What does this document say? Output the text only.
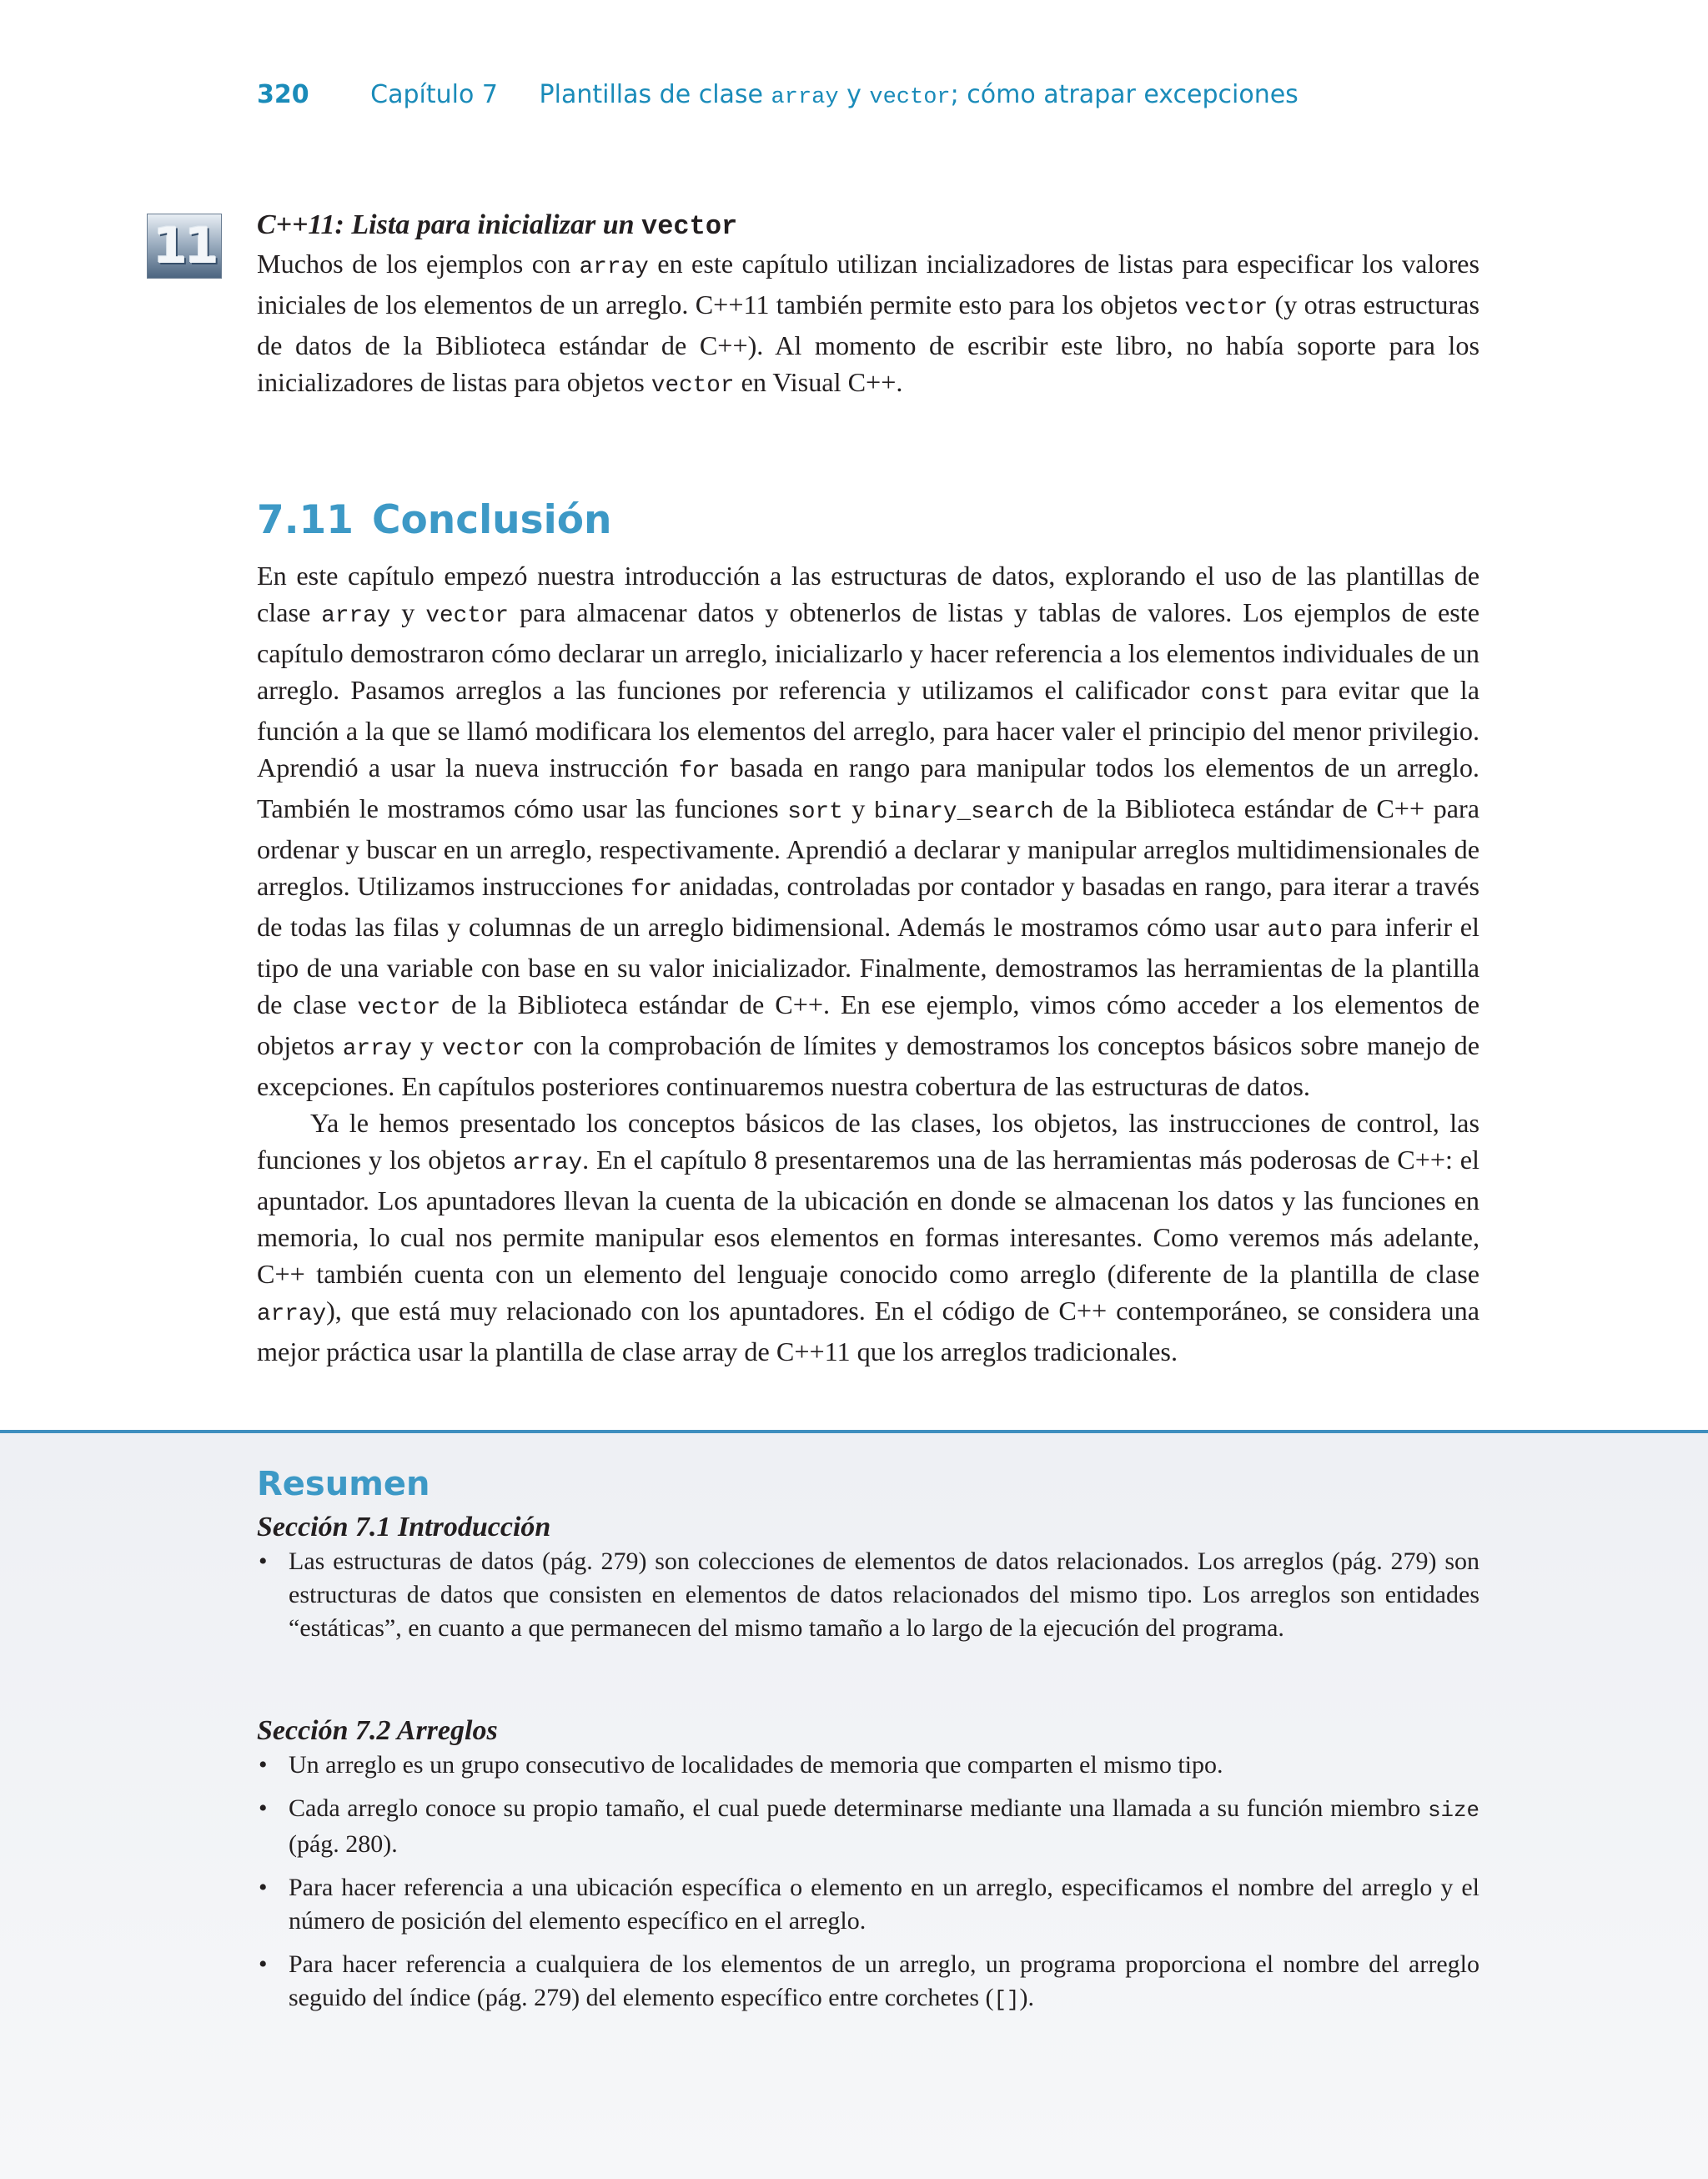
320 Capítulo 7 Plantillas de clase array y vector; cómo atrapar excepciones
11 C++11: Lista para inicializar un vector

Muchos de los ejemplos con array en este capítulo utilizan incializadores de listas para especificar los valores iniciales de los elementos de un arreglo. C++11 también permite esto para los objetos vector (y otras estructuras de datos de la Biblioteca estándar de C++). Al momento de escribir este libro, no había soporte para los inicializadores de listas para objetos vector en Visual C++.

7.11 Conclusión

En este capítulo empezó nuestra introducción a las estructuras de datos, explorando el uso de las plantillas de clase array y vector para almacenar datos y obtenerlos de listas y tablas de valores. Los ejemplos de este capítulo demostraron cómo declarar un arreglo, inicializarlo y hacer referencia a los elementos individuales de un arreglo. Pasamos arreglos a las funciones por referencia y utilizamos el calificador const para evitar que la función a la que se llamó modificara los elementos del arreglo, para hacer valer el principio del menor privilegio. Aprendió a usar la nueva instrucción for basada en rango para manipular todos los elementos de un arreglo. También le mostramos cómo usar las funciones sort y binary_search de la Biblioteca estándar de C++ para ordenar y buscar en un arreglo, respectivamente. Aprendió a declarar y manipular arreglos multidimensionales de arreglos. Utilizamos instrucciones for anidadas, controladas por contador y basadas en rango, para iterar a través de todas las filas y columnas de un arreglo bidimensional. Además le mostramos cómo usar auto para inferir el tipo de una variable con base en su valor inicializador. Finalmente, demostramos las herramientas de la plantilla de clase vector de la Biblioteca estándar de C++. En ese ejemplo, vimos cómo acceder a los elementos de objetos array y vector con la comprobación de límites y demostramos los conceptos básicos sobre manejo de excepciones. En capítulos posteriores continuaremos nuestra cobertura de las estructuras de datos.

Ya le hemos presentado los conceptos básicos de las clases, los objetos, las instrucciones de control, las funciones y los objetos array. En el capítulo 8 presentaremos una de las herramientas más poderosas de C++: el apuntador. Los apuntadores llevan la cuenta de la ubicación en donde se almacenan los datos y las funciones en memoria, lo cual nos permite manipular esos elementos en formas interesantes. Como veremos más adelante, C++ también cuenta con un elemento del lenguaje conocido como arreglo (diferente de la plantilla de clase array), que está muy relacionado con los apuntadores. En el código de C++ contemporáneo, se considera una mejor práctica usar la plantilla de clase array de C++11 que los arreglos tradicionales.

Resumen
Sección 7.1 Introducción
• Las estructuras de datos (pág. 279) son colecciones de elementos de datos relacionados. Los arreglos (pág. 279) son estructuras de datos que consisten en elementos de datos relacionados del mismo tipo. Los arreglos son entidades “estáticas”, en cuanto a que permanecen del mismo tamaño a lo largo de la ejecución del programa.
Sección 7.2 Arreglos
• Un arreglo es un grupo consecutivo de localidades de memoria que comparten el mismo tipo.
• Cada arreglo conoce su propio tamaño, el cual puede determinarse mediante una llamada a su función miembro size (pág. 280).
• Para hacer referencia a una ubicación específica o elemento en un arreglo, especificamos el nombre del arreglo y el número de posición del elemento específico en el arreglo.
• Para hacer referencia a cualquiera de los elementos de un arreglo, un programa proporciona el nombre del arreglo seguido del índice (pág. 279) del elemento específico entre corchetes ([]).
